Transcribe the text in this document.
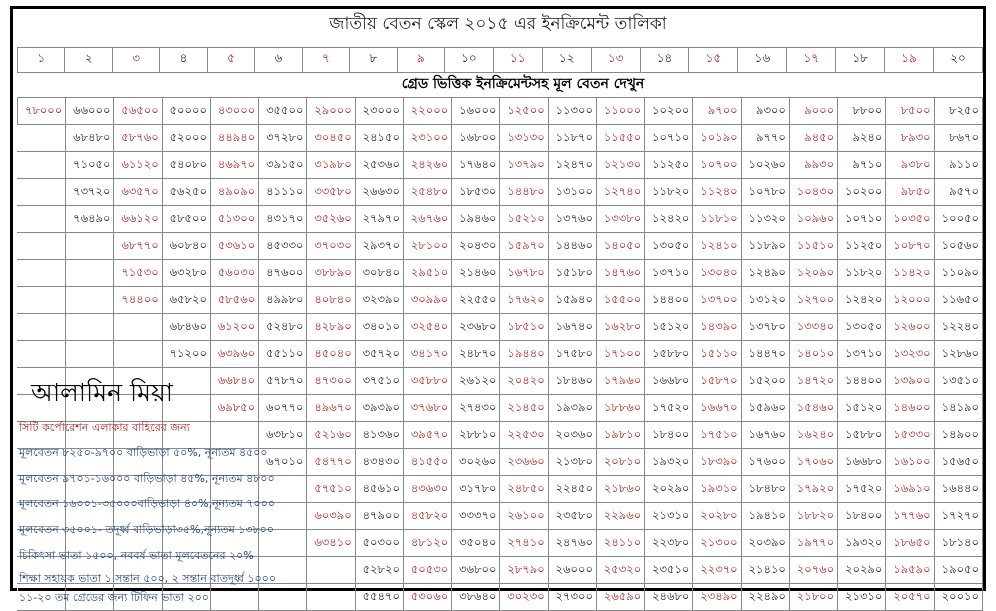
জাতীয় বেতন স্কেল ২০১৫ এর ইনক্রিমেন্ট তালিকা
১	২	৩	৪	৫	৬	৭	৮	৯	১০	১১	১২	১৩	১৪	১৫	১৬	১৭	১৮	১৯	২০
গ্রেড ভিত্তিক ইনক্রিমেন্টসহ মূল বেতন দেখুন
৭৮০০০	৬৬০০০	৫৬৫০০	৫০০০০	৪৩০০০	৩৫৫০০	২৯০০০	২৩০০০	২২০০০	১৬০০০	১২৫০০	১১৩০০	১১০০০	১০২০০	৯৭০০	৯৩০০	৯০০০	৮৮০০	৮৫০০	৮২৫০
	৬৮৪৮০	৫৮৭৬০	৫২০০০	৪৪৯৪০	৩৭২৮০	৩০৪৫০	২৪১৫০	২৩১০০	১৬৮০০	১৩১৩০	১১৮৭০	১১৫৫০	১০৭১০	১০১৯০	৯৭৭০	৯৪৫০	৯২৪০	৮৯৩০	৮৬৭০
	৭১০৫০	৬১১২০	৫৪০৮০	৪৬৯৭০	৩৯১৫০	৩১৯৮০	২৫৩৬০	২৪২৬০	১৭৬৪০	১৩৭৯০	১২৪৭০	১২১৩০	১১২৫০	১০৭০০	১০২৬০	৯৯৩০	৯৭১০	৯৩৮০	৯১১০
	৭৩৭২০	৬৩৫৭০	৫৬২৫০	৪৯০৯০	৪১১১০	৩৩৫৮০	২৬৬৩০	২৫৪৮০	১৮৫৩০	১৪৪৮০	১৩১০০	১২৭৪০	১১৮২০	১১২৪০	১০৭৮০	১০৪৩০	১০২০০	৯৮৫০	৯৫৭০
	৭৬৪৯০	৬৬১২০	৫৮৫০০	৫১৩০০	৪৩১৭০	৩৫২৬০	২৭৯৭০	২৬৭৬০	১৯৪৬০	১৫২১০	১৩৭৬০	১৩৩৮০	১২৪২০	১১৮১০	১১৩২০	১০৯৬০	১০৭১০	১০৩৫০	১০০৫০
		৬৮৭৭০	৬০৮৪০	৫৩৬১০	৪৫৩৩০	৩৭০৩০	২৯৩৭০	২৮১০০	২০৪৩০	১৫৯৭০	১৪৪৬০	১৪০৫০	১৩০৫০	১২৪১০	১১৮৯০	১১৫১০	১১২৫০	১০৮৭০	১০৫৬০
		৭১৫৩০	৬৩২৮০	৫৬০৩০	৪৭৬০০	৩৮৮৯০	৩০৮৪০	২৯৫১০	২১৪৬০	১৬৭৮০	১৫১৮০	১৪৭৬০	১৩৭১০	১৩০৪০	১২৪৯০	১২০৯০	১১৮২০	১১৪২০	১১০৯০
		৭৪৪০০	৬৫৮২০	৫৮৫৬০	৪৯৯৮০	৪০৮৪০	৩২৩৯০	৩০৯৯০	২২৫৫০	১৭৬২০	১৫৯৪০	১৫৫০০	১৪৪০০	১৩৭০০	১৩১২০	১২৭০০	১২৪২০	১২০০০	১১৬৫০
			৬৮৪৬০	৬১২০০	৫২৪৮০	৪২৮৯০	৩৪০১০	৩২৫৪০	২৩৬৮০	১৮৫১০	১৬৭৪০	১৬২৮০	১৫১২০	১৪৩৯০	১৩৭৮০	১৩৩৪০	১৩০৫০	১২৬০০	১২২৪০
			৭১২০০	৬৩৯৬০	৫৫১১০	৪৫০৪০	৩৫৭২০	৩৪১৭০	২৪৮৭০	১৯৪৪০	১৭৫৮০	১৭১০০	১৫৮৮০	১৫১১০	১৪৪৭০	১৪০১০	১৩৭১০	১৩২৩০	১২৮৬০
				৬৬৮৪০	৫৭৮৭০	৪৭৩০০	৩৭৫১০	৩৫৮৮০	২৬১২০	২০৪২০	১৮৪৬০	১৭৯৬০	১৬৬৮০	১৫৮৭০	১৫২০০	১৪৭২০	১৪৪০০	১৩৯০০	১৩৫১০
				৬৯৮৫০	৬০৭৭০	৪৯৬৭০	৩৯৩৯০	৩৭৬৮০	২৭৪৩০	২১৪৫০	১৯৩৯০	১৮৮৬০	১৭৫২০	১৬৬৭০	১৫৯৬০	১৫৪৬০	১৫১২০	১৪৬০০	১৪১৯০
					৬৩৮১০	৫২১৬০	৪১৩৬০	৩৯৫৭০	২৮৮১০	২২৫৩০	২০৩৬০	১৯৮১০	১৮৪০০	১৭৫১০	১৬৭৬০	১৬২৪০	১৫৮৮০	১৫৩৩০	১৪৯০০
					৬৭০১০	৫৪৭৭০	৪৩৪৩০	৪১৫৫০	৩০২৬০	২৩৬৬০	২১৩৮০	২০৮১০	১৯৩২০	১৮৩৯০	১৭৬০০	১৭০৬০	১৬৬৮০	১৬১০০	১৫৬৫০
						৫৭৫১০	৪৫৬১০	৪৩৬৩০	৩১৭৮০	২৪৮৫০	২২৪৫০	২১৮৬০	২০২৯০	১৯৩১০	১৮৪৮০	১৭৯২০	১৭৫২০	১৬৯১০	১৬৪৪০
						৬০৩৯০	৪৭৯০০	৪৫৮২০	৩৩৩৭০	২৬১০০	২৩৫৮০	২২৯৬০	২১৩১০	২০২৮০	১৯৪১০	১৮৮২০	১৮৪০০	১৭৭৬০	১৭২৭০
						৬৩৪১০	৫০৩০০	৪৮১২০	৩৫০৪০	২৭৪১০	২৪৭৬০	২৪১১০	২২৩৮০	২১৩০০	২০৩৯০	১৯৭৭০	১৯৩২০	১৮৬৫০	১৮১৪০
							৫২৮২০	৫০৫৩০	৩৬৮০০	২৮৭৯০	২৬০০০	২৫৩২০	২৩৫১০	২২৩৭০	২১৪১০	২০৭৬০	২০২৯০	১৯৫৯০	১৯০৫০
							৫৫৪৭০	৫৩০৬০	৩৮৬৪০	৩০২৩০	২৭৩০০	২৬৫৯০	২৪৬৮০	২৩৪৯০	২২৪৯০	২১৮০০	২১৩১০	২০৫৭০	২০০১০
আলামিন মিয়া
সিটি কর্পোরেশন এলাকার বাহিরের জন্য
মূলবেতন ৮২৫০-৯৭০০ বাড়িভাড়া ৫০%, নূন্যতম ৪৫০০
মূলবেতন ৯৭০১-১৬০০০ বাড়িভাড়া ৪৫%, নূন্যতম ৪৮০০
মূলবেতন ১৬০০১-৩৫০০০বাড়িভাড়া ৪০%,নূন্যতম ৭০০০
মূলবেতন ৩৫০০১- তদূর্ধ্ব বাড়িভাড়া৩৫%,নূন্যতম ১৩৮০০
চিকিৎসা ভাতা ১৫০০, নববর্ষ ভাতা মূলবেতনের ২০%
শিক্ষা সহায়ক ভাতা ১ সন্তান ৫০০, ২ সন্তান বাতদূর্ধ্ব ১০০০
১১-২০ তম গ্রেডের জন্য টিফিন ভাতা ২০০
